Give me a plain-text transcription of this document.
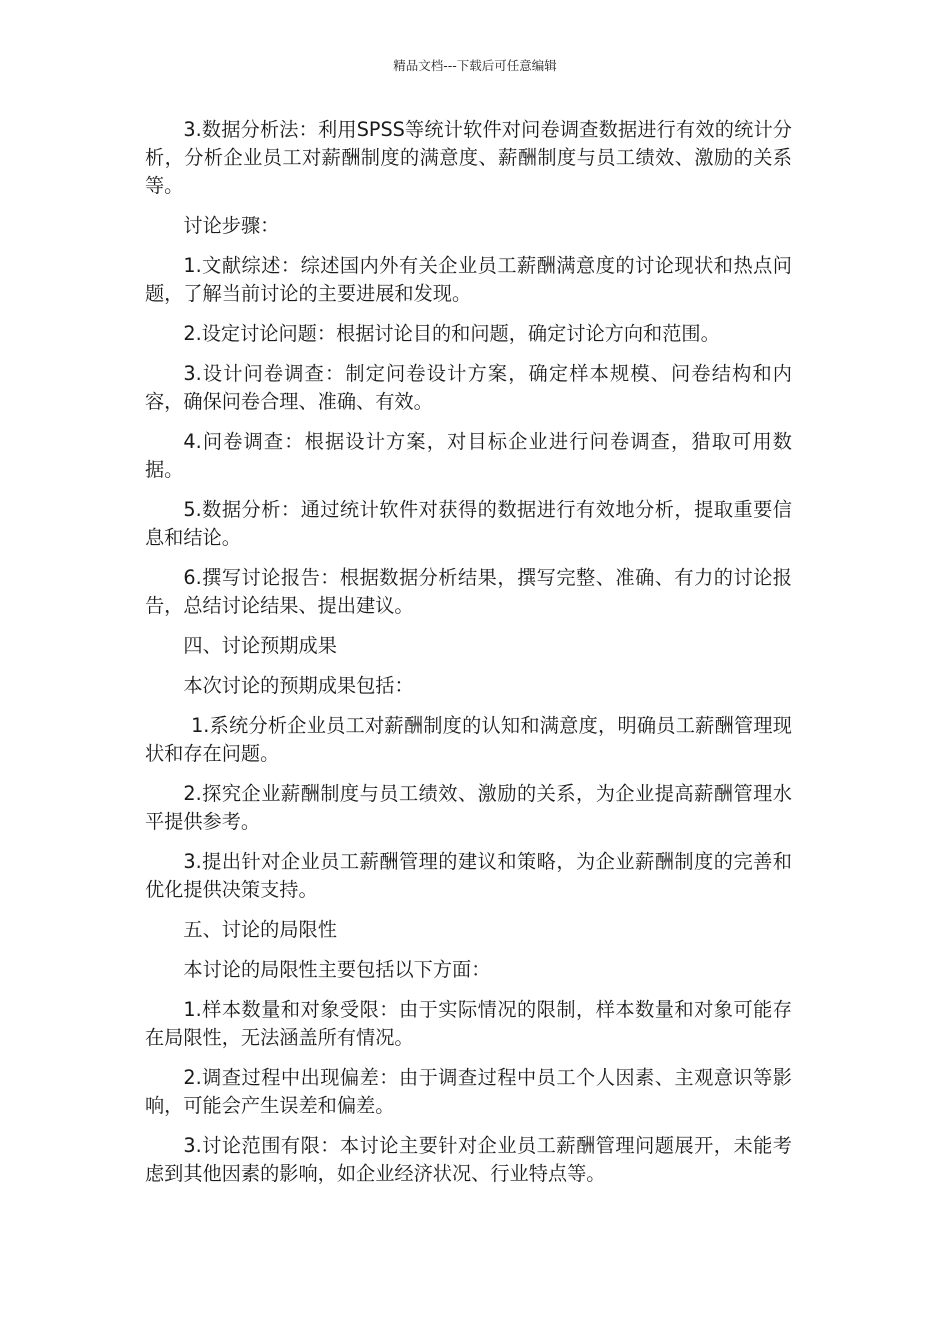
精品文档---下载后可任意编辑

3.数据分析法：利用SPSS等统计软件对问卷调查数据进行有效的统计分析，分析企业员工对薪酬制度的满意度、薪酬制度与员工绩效、激励的关系等。

讨论步骤：

1.文献综述：综述国内外有关企业员工薪酬满意度的讨论现状和热点问题，了解当前讨论的主要进展和发现。

2.设定讨论问题：根据讨论目的和问题，确定讨论方向和范围。

3.设计问卷调查：制定问卷设计方案，确定样本规模、问卷结构和内容，确保问卷合理、准确、有效。

4.问卷调查：根据设计方案，对目标企业进行问卷调查，猎取可用数据。

5.数据分析：通过统计软件对获得的数据进行有效地分析，提取重要信息和结论。

6.撰写讨论报告：根据数据分析结果，撰写完整、准确、有力的讨论报告，总结讨论结果、提出建议。

四、讨论预期成果

本次讨论的预期成果包括：

1.系统分析企业员工对薪酬制度的认知和满意度，明确员工薪酬管理现状和存在问题。

2.探究企业薪酬制度与员工绩效、激励的关系，为企业提高薪酬管理水平提供参考。

3.提出针对企业员工薪酬管理的建议和策略，为企业薪酬制度的完善和优化提供决策支持。

五、讨论的局限性

本讨论的局限性主要包括以下方面：

1.样本数量和对象受限：由于实际情况的限制，样本数量和对象可能存在局限性，无法涵盖所有情况。

2.调查过程中出现偏差：由于调查过程中员工个人因素、主观意识等影响，可能会产生误差和偏差。

3.讨论范围有限：本讨论主要针对企业员工薪酬管理问题展开，未能考虑到其他因素的影响，如企业经济状况、行业特点等。
